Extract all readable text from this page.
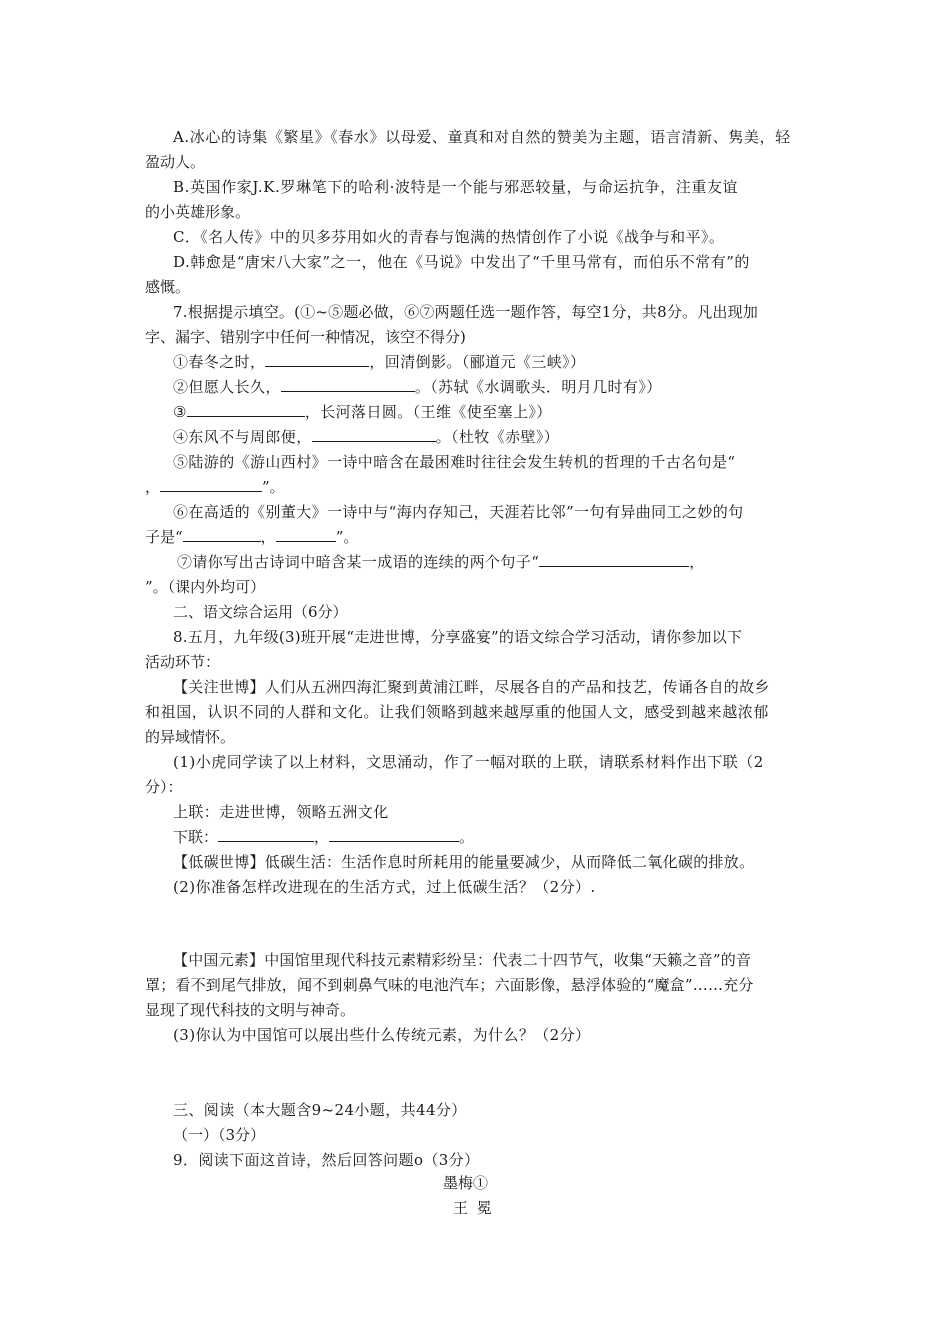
A.冰心的诗集《繁星》《春水》以母爱、童真和对自然的赞美为主题，语言清新、隽美，轻
盈动人。
B.英国作家J.K.罗琳笔下的哈利·波特是一个能与邪恶较量，与命运抗争，注重友谊
的小英雄形象。
C．《名人传》中的贝多芬用如火的青春与饱满的热情创作了小说《战争与和平》。
D.韩愈是“唐宋八大家”之一，他在《马说》中发出了“千里马常有，而伯乐不常有”的
感慨。
7.根据提示填空。(①~⑤题必做，⑥⑦两题任选一题作答，每空1分，共8分。凡出现加
字、漏字、错别字中任何一种情况，该空不得分)
①春冬之时，	，回清倒影。（郦道元《三峡》）
②但愿人长久，	。（苏轼《水调歌头．明月几时有》）
③	，长河落日圆。（王维《使至塞上》）
④东风不与周郎便，	。（杜牧《赤壁》）
⑤陆游的《游山西村》一诗中暗含在最困难时往往会发生转机的哲理的千古名句是“
，	”。
⑥在高适的《别董大》一诗中与“海内存知己，天涯若比邻”一句有异曲同工之妙的句
子是“	，	”。
⑦请你写出古诗词中暗含某一成语的连续的两个句子“	，
”。（课内外均可）
二、语文综合运用（6分）
8.五月，九年级(3)班开展“走进世博，分享盛宴”的语文综合学习活动，请你参加以下
活动环节：
【关注世博】人们从五洲四海汇聚到黄浦江畔，尽展各自的产品和技艺，传诵各自的故乡
和祖国，认识不同的人群和文化。让我们领略到越来越厚重的他国人文，感受到越来越浓郁
的异域情怀。
(1)小虎同学读了以上材料，文思涌动，作了一幅对联的上联，请联系材料作出下联（2
分）：
上联：走进世博，领略五洲文化
下联：	，	。
【低碳世博】低碳生活：生活作息时所耗用的能量要减少，从而降低二氧化碳的排放。
(2)你准备怎样改进现在的生活方式，过上低碳生活？（2分）.
【中国元素】中国馆里现代科技元素精彩纷呈：代表二十四节气，收集“天籁之音”的音
罩；看不到尾气排放，闻不到刺鼻气味的电池汽车；六面影像，悬浮体验的“魔盒”……充分
显现了现代科技的文明与神奇。
(3)你认为中国馆可以展出些什么传统元素，为什么？（2分）
三、阅读（本大题含9~24小题，共44分）
（一）（3分）
9．阅读下面这首诗，然后回答问题o（3分）
墨梅①
王 冕
